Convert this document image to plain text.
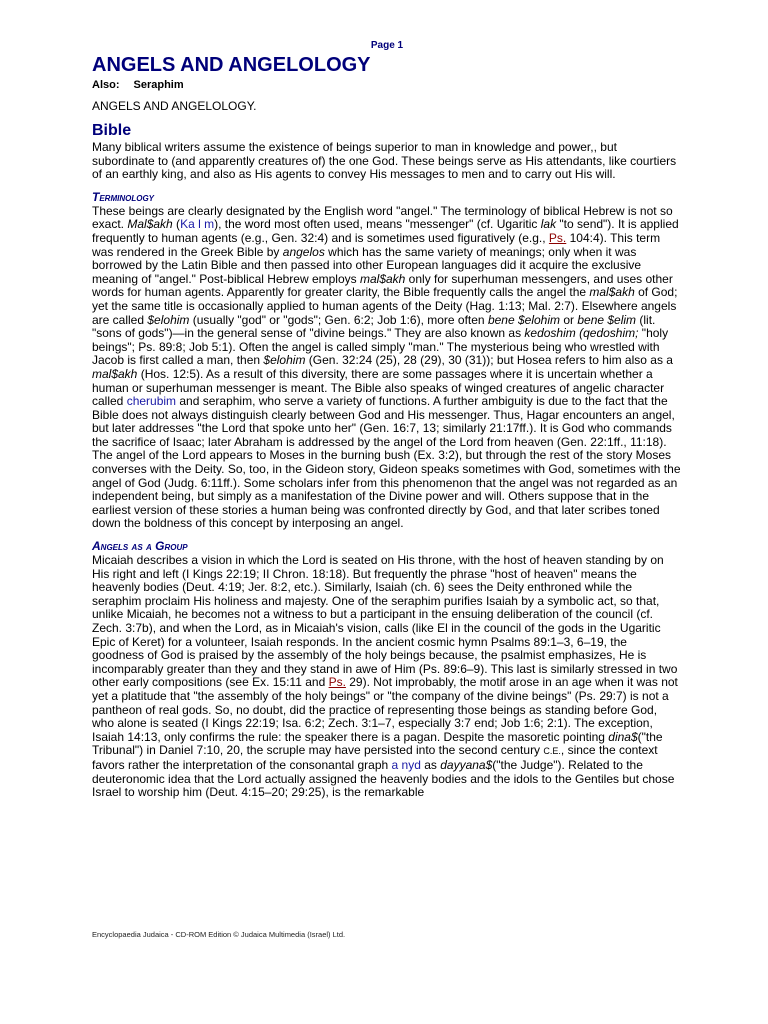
Page 1
ANGELS AND ANGELOLOGY
Also: Seraphim
ANGELS AND ANGELOLOGY.
Bible

Many biblical writers assume the existence of beings superior to man in knowledge and power,, but subordinate to (and apparently creatures of) the one God. These beings serve as His attendants, like courtiers of an earthly king, and also as His agents to convey His messages to men and to carry out His will.

Terminology

These beings are clearly designated by the English word "angel." The terminology of biblical Hebrew is not so exact. Mal$akh (Ka l m), the word most often used, means "messenger" (cf. Ugaritic lak "to send"). It is applied frequently to human agents (e.g., Gen. 32:4) and is sometimes used figuratively (e.g., Ps. 104:4). This term was rendered in the Greek Bible by angelos which has the same variety of meanings; only when it was borrowed by the Latin Bible and then passed into other European languages did it acquire the exclusive meaning of "angel." Post-biblical Hebrew employs mal$akh only for superhuman messengers, and uses other words for human agents. Apparently for greater clarity, the Bible frequently calls the angel the mal$akh of God; yet the same title is occasionally applied to human agents of the Deity (Hag. 1:13; Mal. 2:7). Elsewhere angels are called $elohim (usually "god" or "gods"; Gen. 6:2; Job 1:6), more often bene $elohim or bene $elim (lit. "sons of gods")—in the general sense of "divine beings." They are also known as kedoshim (qedoshim; "holy beings"; Ps. 89:8; Job 5:1). Often the angel is called simply "man." The mysterious being who wrestled with Jacob is first called a man, then $elohim (Gen. 32:24 (25), 28 (29), 30 (31)); but Hosea refers to him also as a mal$akh (Hos. 12:5). As a result of this diversity, there are some passages where it is uncertain whether a human or superhuman messenger is meant. The Bible also speaks of winged creatures of angelic character called cherubim and seraphim, who serve a variety of functions. A further ambiguity is due to the fact that the Bible does not always distinguish clearly between God and His messenger. Thus, Hagar encounters an angel, but later addresses "the Lord that spoke unto her" (Gen. 16:7, 13; similarly 21:17ff.). It is God who commands the sacrifice of Isaac; later Abraham is addressed by the angel of the Lord from heaven (Gen. 22:1ff., 11:18). The angel of the Lord appears to Moses in the burning bush (Ex. 3:2), but through the rest of the story Moses converses with the Deity. So, too, in the Gideon story, Gideon speaks sometimes with God, sometimes with the angel of God (Judg. 6:11ff.). Some scholars infer from this phenomenon that the angel was not regarded as an independent being, but simply as a manifestation of the Divine power and will. Others suppose that in the earliest version of these stories a human being was confronted directly by God, and that later scribes toned down the boldness of this concept by interposing an angel.

Angels as a Group

Micaiah describes a vision in which the Lord is seated on His throne, with the host of heaven standing by on His right and left (I Kings 22:19; II Chron. 18:18). But frequently the phrase "host of heaven" means the heavenly bodies (Deut. 4:19; Jer. 8:2, etc.). Similarly, Isaiah (ch. 6) sees the Deity enthroned while the seraphim proclaim His holiness and majesty. One of the seraphim purifies Isaiah by a symbolic act, so that, unlike Micaiah, he becomes not a witness to but a participant in the ensuing deliberation of the council (cf. Zech. 3:7b), and when the Lord, as in Micaiah's vision, calls (like El in the council of the gods in the Ugaritic Epic of Keret) for a volunteer, Isaiah responds. In the ancient cosmic hymn Psalms 89:1–3, 6–19, the goodness of God is praised by the assembly of the holy beings because, the psalmist emphasizes, He is incomparably greater than they and they stand in awe of Him (Ps. 89:6–9). This last is similarly stressed in two other early compositions (see Ex. 15:11 and Ps. 29). Not improbably, the motif arose in an age when it was not yet a platitude that "the assembly of the holy beings" or "the company of the divine beings" (Ps. 29:7) is not a pantheon of real gods. So, no doubt, did the practice of representing those beings as standing before God, who alone is seated (I Kings 22:19; Isa. 6:2; Zech. 3:1–7, especially 3:7 end; Job 1:6; 2:1). The exception, Isaiah 14:13, only confirms the rule: the speaker there is a pagan. Despite the masoretic pointing dina$("the Tribunal") in Daniel 7:10, 20, the scruple may have persisted into the second century C.E., since the context favors rather the interpretation of the consonantal graph a nyd as dayyana$("the Judge"). Related to the deuteronomic idea that the Lord actually assigned the heavenly bodies and the idols to the Gentiles but chose Israel to worship him (Deut. 4:15–20; 29:25), is the remarkable

Encyclopaedia Judaica - CD-ROM Edition © Judaica Multimedia (Israel) Ltd.
